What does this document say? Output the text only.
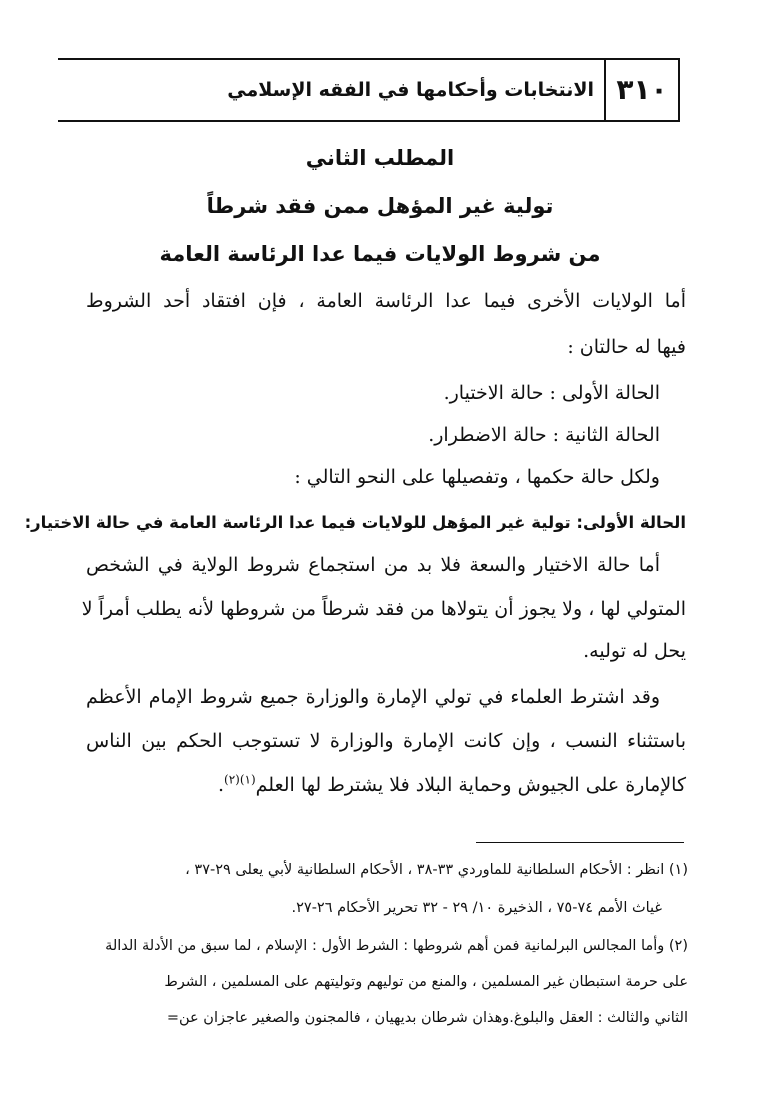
٣١٠
الانتخابات وأحكامها في الفقه الإسلامي
المطلب الثاني
تولية غير المؤهل ممن فقد شرطاً
من شروط الولايات فيما عدا الرئاسة العامة
أما الولايات الأخرى فيما عدا الرئاسة العامة ، فإن افتقاد أحد الشروط
فيها له حالتان :
الحالة الأولى : حالة الاختيار.
الحالة الثانية : حالة الاضطرار.
ولكل حالة حكمها ، وتفصيلها على النحو التالي :
الحالة الأولى: تولية غير المؤهل للولايات فيما عدا الرئاسة العامة في حالة الاختيار:
أما حالة الاختيار والسعة فلا بد من استجماع شروط الولاية في الشخص
المتولي لها ، ولا يجوز أن يتولاها من فقد شرطاً من شروطها لأنه يطلب أمراً لا
يحل له توليه.
وقد اشترط العلماء في تولي الإمارة والوزارة جميع شروط الإمام الأعظم
باستثناء النسب ، وإن كانت الإمارة والوزارة لا تستوجب الحكم بين الناس
كالإمارة على الجيوش وحماية البلاد فلا يشترط لها العلم$^{(١)(٢)}$.
(١) انظر : الأحكام السلطانية للماوردي ٣٣-٣٨ ، الأحكام السلطانية لأبي يعلى ٢٩-٣٧ ،
غياث الأمم ٧٤-٧٥ ، الذخيرة ١٠/ ٢٩ - ٣٢ تحرير الأحكام ٢٦-٢٧.
(٢) وأما المجالس البرلمانية فمن أهم شروطها : الشرط الأول : الإسلام ، لما سبق من الأدلة الدالة
على حرمة استبطان غير المسلمين ، والمنع من توليهم وتوليتهم على المسلمين ، الشرط
الثاني والثالث : العقل والبلوغ.وهذان شرطان بديهيان ، فالمجنون والصغير عاجزان عن=
